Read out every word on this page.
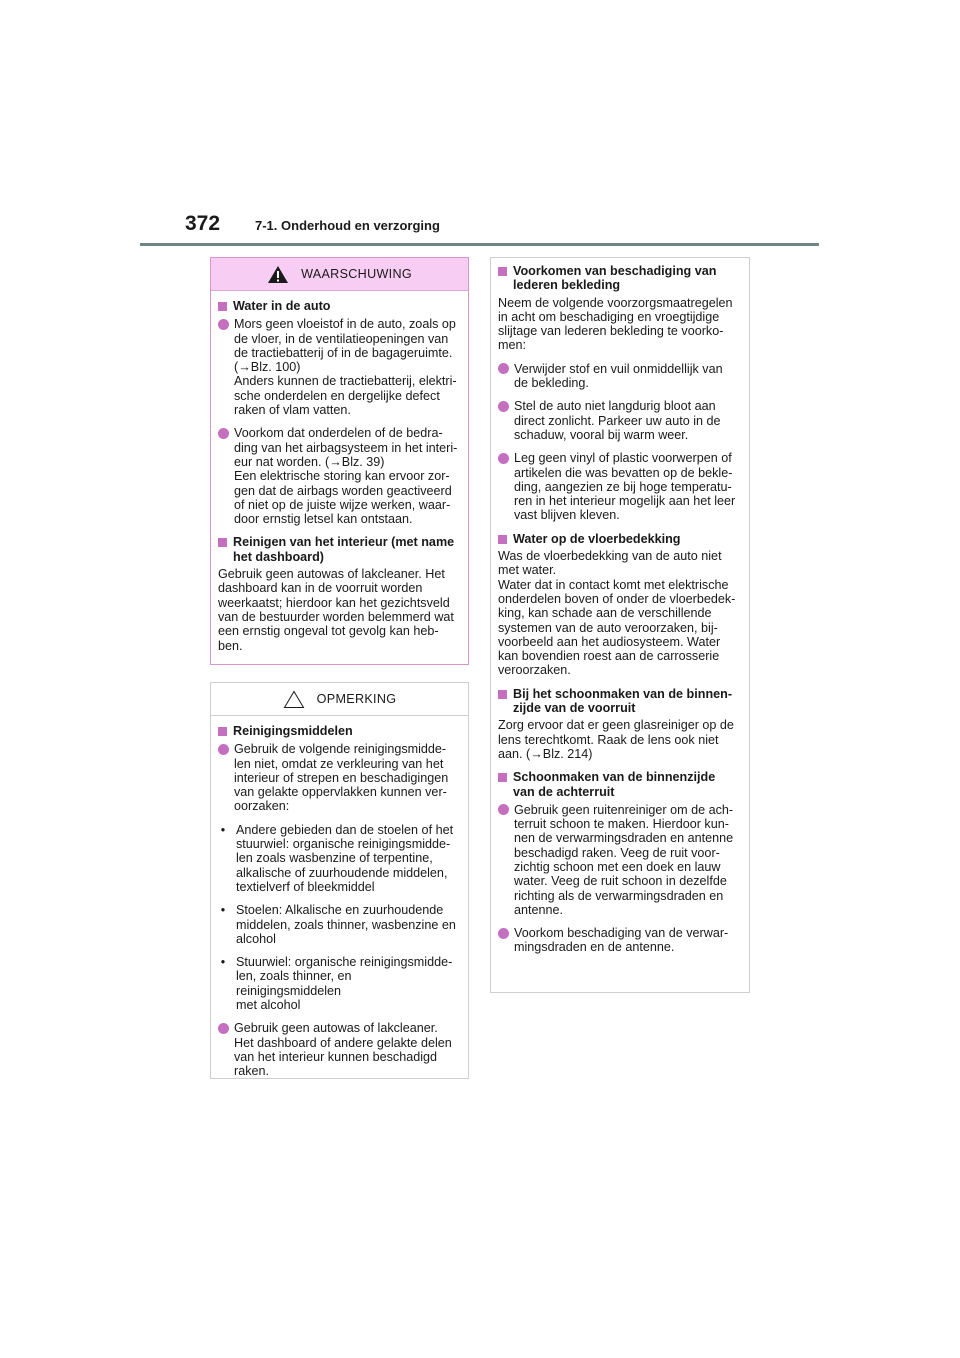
372	7-1. Onderhoud en verzorging
WAARSCHUWING
Water in de auto
Mors geen vloeistof in de auto, zoals op
de vloer, in de ventilatieopeningen van
de tractiebatterij of in de bagageruimte.
(→Blz. 100)
Anders kunnen de tractiebatterij, elektri-
sche onderdelen en dergelijke defect
raken of vlam vatten.
Voorkom dat onderdelen of de bedra-
ding van het airbagsysteem in het interi-
eur nat worden. (→Blz. 39)
Een elektrische storing kan ervoor zor-
gen dat de airbags worden geactiveerd
of niet op de juiste wijze werken, waar-
door ernstig letsel kan ontstaan.
Reinigen van het interieur (met name
het dashboard)
Gebruik geen autowas of lakcleaner. Het
dashboard kan in de voorruit worden
weerkaatst; hierdoor kan het gezichtsveld
van de bestuurder worden belemmerd wat
een ernstig ongeval tot gevolg kan heb-
ben.
OPMERKING
Reinigingsmiddelen
Gebruik de volgende reinigingsmidde-
len niet, omdat ze verkleuring van het
interieur of strepen en beschadigingen
van gelakte oppervlakken kunnen ver-
oorzaken:
• Andere gebieden dan de stoelen of het
stuurwiel: organische reinigingsmidde-
len zoals wasbenzine of terpentine,
alkalische of zuurhoudende middelen,
textielverf of bleekmiddel
• Stoelen: Alkalische en zuurhoudende
middelen, zoals thinner, wasbenzine en
alcohol
• Stuurwiel: organische reinigingsmidde-
len, zoals thinner, en reinigingsmiddelen
met alcohol
Gebruik geen autowas of lakcleaner.
Het dashboard of andere gelakte delen
van het interieur kunnen beschadigd
raken.
Voorkomen van beschadiging van
lederen bekleding
Neem de volgende voorzorgsmaatregelen
in acht om beschadiging en vroegtijdige
slijtage van lederen bekleding te voorko-
men:
Verwijder stof en vuil onmiddellijk van
de bekleding.
Stel de auto niet langdurig bloot aan
direct zonlicht. Parkeer uw auto in de
schaduw, vooral bij warm weer.
Leg geen vinyl of plastic voorwerpen of
artikelen die was bevatten op de bekle-
ding, aangezien ze bij hoge temperatu-
ren in het interieur mogelijk aan het leer
vast blijven kleven.
Water op de vloerbedekking
Was de vloerbedekking van de auto niet
met water.
Water dat in contact komt met elektrische
onderdelen boven of onder de vloerbedek-
king, kan schade aan de verschillende
systemen van de auto veroorzaken, bij-
voorbeeld aan het audiosysteem. Water
kan bovendien roest aan de carrosserie
veroorzaken.
Bij het schoonmaken van de binnen-
zijde van de voorruit
Zorg ervoor dat er geen glasreiniger op de
lens terechtkomt. Raak de lens ook niet
aan. (→Blz. 214)
Schoonmaken van de binnenzijde
van de achterruit
Gebruik geen ruitenreiniger om de ach-
terruit schoon te maken. Hierdoor kun-
nen de verwarmingsdraden en antenne
beschadigd raken. Veeg de ruit voor-
zichtig schoon met een doek en lauw
water. Veeg de ruit schoon in dezelfde
richting als de verwarmingsdraden en
antenne.
Voorkom beschadiging van de verwar-
mingsdraden en de antenne.
